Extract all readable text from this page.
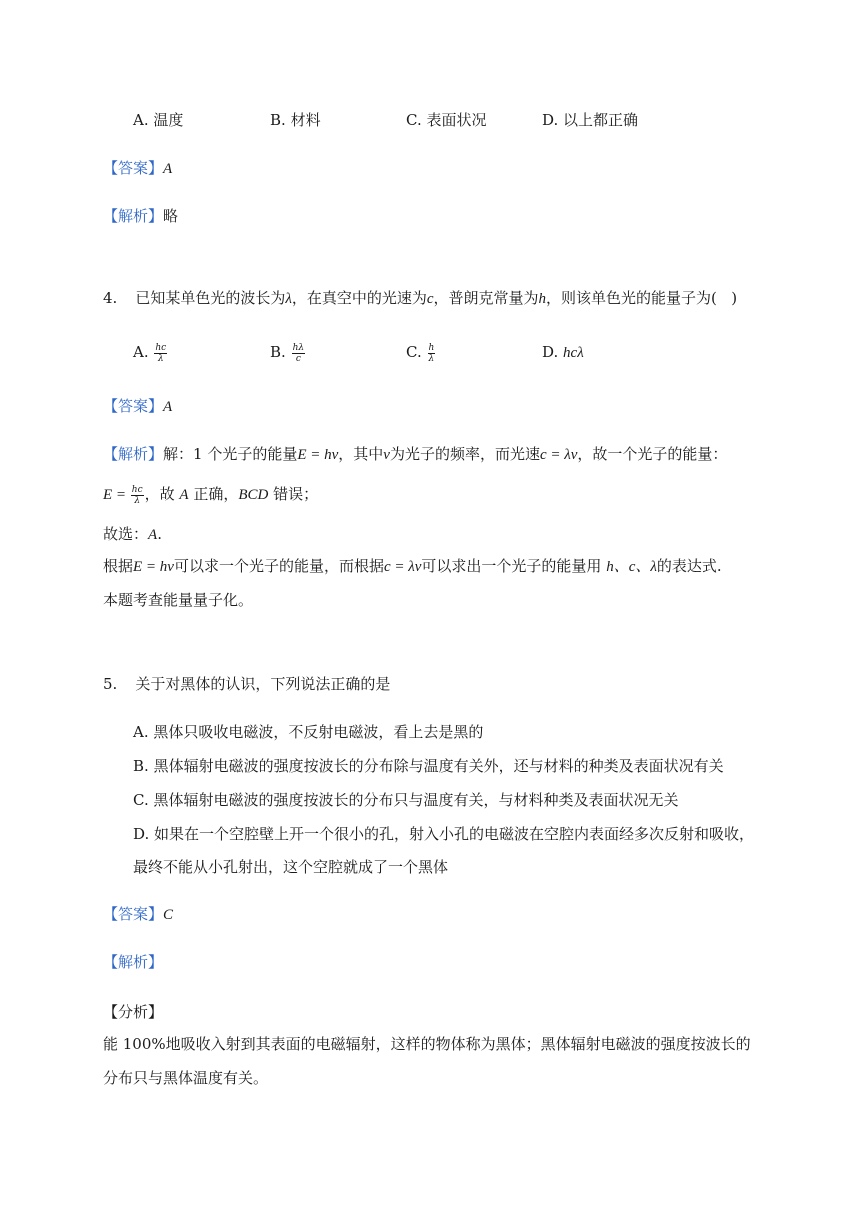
A. 温度	B. 材料	C. 表面状况	D. 以上都正确
【答案】A
【解析】略
4. 已知某单色光的波长为λ，在真空中的光速为c，普朗克常量为h，则该单色光的能量子为(   )
A. $\frac{hc}{\lambda}$	B. $\frac{h\lambda}{c}$	C. $\frac{h}{\lambda}$	D. hcλ
【答案】A
【解析】解：1 个光子的能量E = hν，其中ν为光子的频率，而光速c = λν，故一个光子的能量：
$E = \frac{hc}{\lambda}$ ，故 A 正确，BCD 错误；
故选：A.
根据E = hν可以求一个光子的能量，而根据c = λν可以求出一个光子的能量用 h、c、λ的表达式.
本题考查能量量子化。
5. 关于对黑体的认识，下列说法正确的是
A. 黑体只吸收电磁波，不反射电磁波，看上去是黑的
B. 黑体辐射电磁波的强度按波长的分布除与温度有关外，还与材料的种类及表面状况有关
C. 黑体辐射电磁波的强度按波长的分布只与温度有关，与材料种类及表面状况无关
D. 如果在一个空腔壁上开一个很小的孔，射入小孔的电磁波在空腔内表面经多次反射和吸收，
最终不能从小孔射出，这个空腔就成了一个黑体
【答案】C
【解析】
【分析】
能 100%地吸收入射到其表面的电磁辐射，这样的物体称为黑体；黑体辐射电磁波的强度按波长的
分布只与黑体温度有关。
